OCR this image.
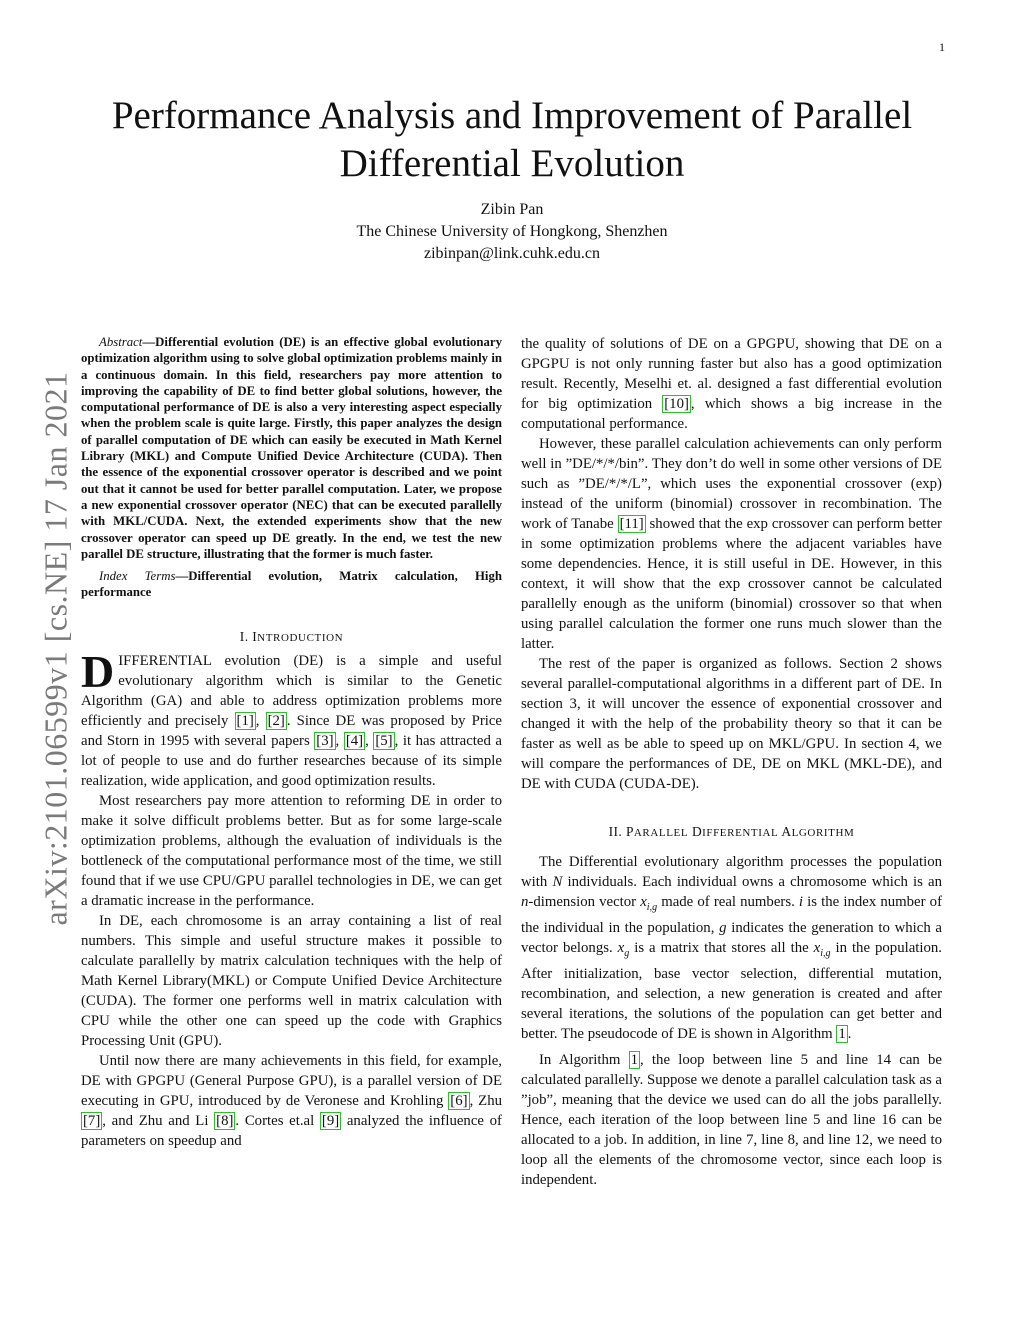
1
arXiv:2101.06599v1 [cs.NE] 17 Jan 2021
Performance Analysis and Improvement of Parallel Differential Evolution
Zibin Pan
The Chinese University of Hongkong, Shenzhen
zibinpan@link.cuhk.edu.cn

Abstract—Differential evolution (DE) is an effective global evolutionary optimization algorithm using to solve global optimization problems mainly in a continuous domain. In this field, researchers pay more attention to improving the capability of DE to find better global solutions, however, the computational performance of DE is also a very interesting aspect especially when the problem scale is quite large. Firstly, this paper analyzes the design of parallel computation of DE which can easily be executed in Math Kernel Library (MKL) and Compute Unified Device Architecture (CUDA). Then the essence of the exponential crossover operator is described and we point out that it cannot be used for better parallel computation. Later, we propose a new exponential crossover operator (NEC) that can be executed parallelly with MKL/CUDA. Next, the extended experiments show that the new crossover operator can speed up DE greatly. In the end, we test the new parallel DE structure, illustrating that the former is much faster.

Index Terms—Differential evolution, Matrix calculation, High performance

I. INTRODUCTION

DIFFERENTIAL evolution (DE) is a simple and useful evolutionary algorithm which is similar to the Genetic Algorithm (GA) and able to address optimization problems more efficiently and precisely [1] , [2] . Since DE was proposed by Price and Storn in 1995 with several papers [3] , [4] , [5] , it has attracted a lot of people to use and do further researches because of its simple realization, wide application, and good optimization results.

Most researchers pay more attention to reforming DE in order to make it solve difficult problems better. But as for some large-scale optimization problems, although the evaluation of individuals is the bottleneck of the computational performance most of the time, we still found that if we use CPU/GPU parallel technologies in DE, we can get a dramatic increase in the performance.

In DE, each chromosome is an array containing a list of real numbers. This simple and useful structure makes it possible to calculate parallelly by matrix calculation techniques with the help of Math Kernel Library(MKL) or Compute Unified Device Architecture (CUDA). The former one performs well in matrix calculation with CPU while the other one can speed up the code with Graphics Processing Unit (GPU).

Until now there are many achievements in this field, for example, DE with GPGPU (General Purpose GPU), is a parallel version of DE executing in GPU, introduced by de Veronese and Krohling [6] , Zhu [7] , and Zhu and Li [8] . Cortes et.al [9] analyzed the influence of parameters on speedup and

the quality of solutions of DE on a GPGPU, showing that DE on a GPGPU is not only running faster but also has a good optimization result. Recently, Meselhi et. al. designed a fast differential evolution for big optimization [10] , which shows a big increase in the computational performance.

However, these parallel calculation achievements can only perform well in ”DE/*/*/bin”. They don’t do well in some other versions of DE such as ”DE/*/*/L”, which uses the exponential crossover (exp) instead of the uniform (binomial) crossover in recombination. The work of Tanabe [11] showed that the exp crossover can perform better in some optimization problems where the adjacent variables have some dependencies. Hence, it is still useful in DE. However, in this context, it will show that the exp crossover cannot be calculated parallelly enough as the uniform (binomial) crossover so that when using parallel calculation the former one runs much slower than the latter.

The rest of the paper is organized as follows. Section 2 shows several parallel-computational algorithms in a different part of DE. In section 3, it will uncover the essence of exponential crossover and changed it with the help of the probability theory so that it can be faster as well as be able to speed up on MKL/GPU. In section 4, we will compare the performances of DE, DE on MKL (MKL-DE), and DE with CUDA (CUDA-DE).

II. PARALLEL DIFFERENTIAL ALGORITHM

The Differential evolutionary algorithm processes the population with N individuals. Each individual owns a chromosome which is an n-dimension vector $x_{i,g}$ made of real numbers. i is the index number of the individual in the population, g indicates the generation to which a vector belongs. $x_g$ is a matrix that stores all the $x_{i,g}$ in the population. After initialization, base vector selection, differential mutation, recombination, and selection, a new generation is created and after several iterations, the solutions of the population can get better and better. The pseudocode of DE is shown in Algorithm 1 .

In Algorithm 1 , the loop between line 5 and line 14 can be calculated parallelly. Suppose we denote a parallel calculation task as a ”job”, meaning that the device we used can do all the jobs parallelly. Hence, each iteration of the loop between line 5 and line 16 can be allocated to a job. In addition, in line 7, line 8, and line 12, we need to loop all the elements of the chromosome vector, since each loop is independent.
